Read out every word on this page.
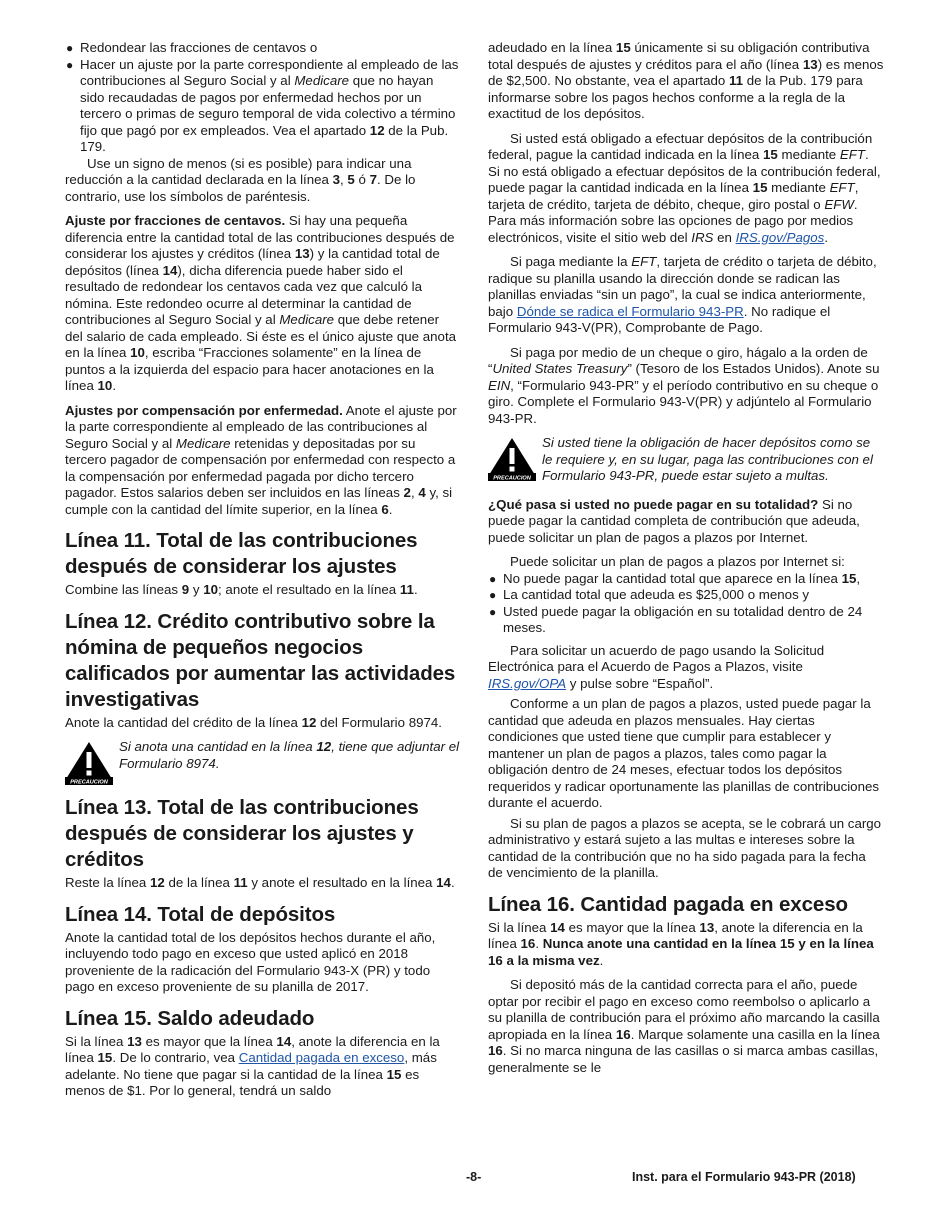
● Redondear las fracciones de centavos o

● Hacer un ajuste por la parte correspondiente al empleado de las contribuciones al Seguro Social y al Medicare que no hayan sido recaudadas de pagos por enfermedad hechos por un tercero o primas de seguro temporal de vida colectivo a término fijo que pagó por ex empleados. Vea el apartado 12 de la Pub. 179.

Use un signo de menos (si es posible) para indicar una reducción a la cantidad declarada en la línea 3, 5 ó 7. De lo contrario, use los símbolos de paréntesis.

Ajuste por fracciones de centavos. Si hay una pequeña diferencia entre la cantidad total de las contribuciones después de considerar los ajustes y créditos (línea 13) y la cantidad total de depósitos (línea 14), dicha diferencia puede haber sido el resultado de redondear los centavos cada vez que calculó la nómina. Este redondeo ocurre al determinar la cantidad de contribuciones al Seguro Social y al Medicare que debe retener del salario de cada empleado. Si éste es el único ajuste que anota en la línea 10, escriba “Fracciones solamente” en la línea de puntos a la izquierda del espacio para hacer anotaciones en la línea 10.

Ajustes por compensación por enfermedad. Anote el ajuste por la parte correspondiente al empleado de las contribuciones al Seguro Social y al Medicare retenidas y depositadas por su tercero pagador de compensación por enfermedad con respecto a la compensación por enfermedad pagada por dicho tercero pagador. Estos salarios deben ser incluidos en las líneas 2, 4 y, si cumple con la cantidad del límite superior, en la línea 6.

Línea 11. Total de las contribuciones después de considerar los ajustes

Combine las líneas 9 y 10; anote el resultado en la línea 11.

Línea 12. Crédito contributivo sobre la nómina de pequeños negocios calificados por aumentar las actividades investigativas

Anote la cantidad del crédito de la línea 12 del Formulario 8974.

PRECAUCION
Si anota una cantidad en la línea 12, tiene que adjuntar el Formulario 8974.
Línea 13. Total de las contribuciones después de considerar los ajustes y créditos

Reste la línea 12 de la línea 11 y anote el resultado en la línea 14.

Línea 14. Total de depósitos

Anote la cantidad total de los depósitos hechos durante el año, incluyendo todo pago en exceso que usted aplicó en 2018 proveniente de la radicación del Formulario 943-X (PR) y todo pago en exceso proveniente de su planilla de 2017.

Línea 15. Saldo adeudado

Si la línea 13 es mayor que la línea 14, anote la diferencia en la línea 15. De lo contrario, vea Cantidad pagada en exceso, más adelante. No tiene que pagar si la cantidad de la línea 15 es menos de $1. Por lo general, tendrá un saldo

adeudado en la línea 15 únicamente si su obligación contributiva total después de ajustes y créditos para el año (línea 13) es menos de $2,500. No obstante, vea el apartado 11 de la Pub. 179 para informarse sobre los pagos hechos conforme a la regla de la exactitud de los depósitos.

Si usted está obligado a efectuar depósitos de la contribución federal, pague la cantidad indicada en la línea 15 mediante EFT. Si no está obligado a efectuar depósitos de la contribución federal, puede pagar la cantidad indicada en la línea 15 mediante EFT, tarjeta de crédito, tarjeta de débito, cheque, giro postal o EFW. Para más información sobre las opciones de pago por medios electrónicos, visite el sitio web del IRS en IRS.gov/Pagos.

Si paga mediante la EFT, tarjeta de crédito o tarjeta de débito, radique su planilla usando la dirección donde se radican las planillas enviadas “sin un pago”, la cual se indica anteriormente, bajo Dónde se radica el Formulario 943-PR. No radique el Formulario 943-V(PR), Comprobante de Pago.

Si paga por medio de un cheque o giro, hágalo a la orden de “United States Treasury” (Tesoro de los Estados Unidos). Anote su EIN, “Formulario 943-PR” y el período contributivo en su cheque o giro. Complete el Formulario 943-V(PR) y adjúntelo al Formulario 943-PR.

PRECAUCION
Si usted tiene la obligación de hacer depósitos como se le requiere y, en su lugar, paga las contribuciones con el Formulario 943-PR, puede estar sujeto a multas.

¿Qué pasa si usted no puede pagar en su totalidad? Si no puede pagar la cantidad completa de contribución que adeuda, puede solicitar un plan de pagos a plazos por Internet.

Puede solicitar un plan de pagos a plazos por Internet si:

● No puede pagar la cantidad total que aparece en la línea 15,

● La cantidad total que adeuda es $25,000 o menos y

● Usted puede pagar la obligación en su totalidad dentro de 24 meses.

Para solicitar un acuerdo de pago usando la Solicitud Electrónica para el Acuerdo de Pagos a Plazos, visite IRS.gov/OPA y pulse sobre “Español”.

Conforme a un plan de pagos a plazos, usted puede pagar la cantidad que adeuda en plazos mensuales. Hay ciertas condiciones que usted tiene que cumplir para establecer y mantener un plan de pagos a plazos, tales como pagar la obligación dentro de 24 meses, efectuar todos los depósitos requeridos y radicar oportunamente las planillas de contribuciones durante el acuerdo.

Si su plan de pagos a plazos se acepta, se le cobrará un cargo administrativo y estará sujeto a las multas e intereses sobre la cantidad de la contribución que no ha sido pagada para la fecha de vencimiento de la planilla.

Línea 16. Cantidad pagada en exceso

Si la línea 14 es mayor que la línea 13, anote la diferencia en la línea 16. Nunca anote una cantidad en la línea 15 y en la línea 16 a la misma vez.

Si depositó más de la cantidad correcta para el año, puede optar por recibir el pago en exceso como reembolso o aplicarlo a su planilla de contribución para el próximo año marcando la casilla apropiada en la línea 16. Marque solamente una casilla en la línea 16. Si no marca ninguna de las casillas o si marca ambas casillas, generalmente se le

-8-	Inst. para el Formulario 943-PR (2018)
